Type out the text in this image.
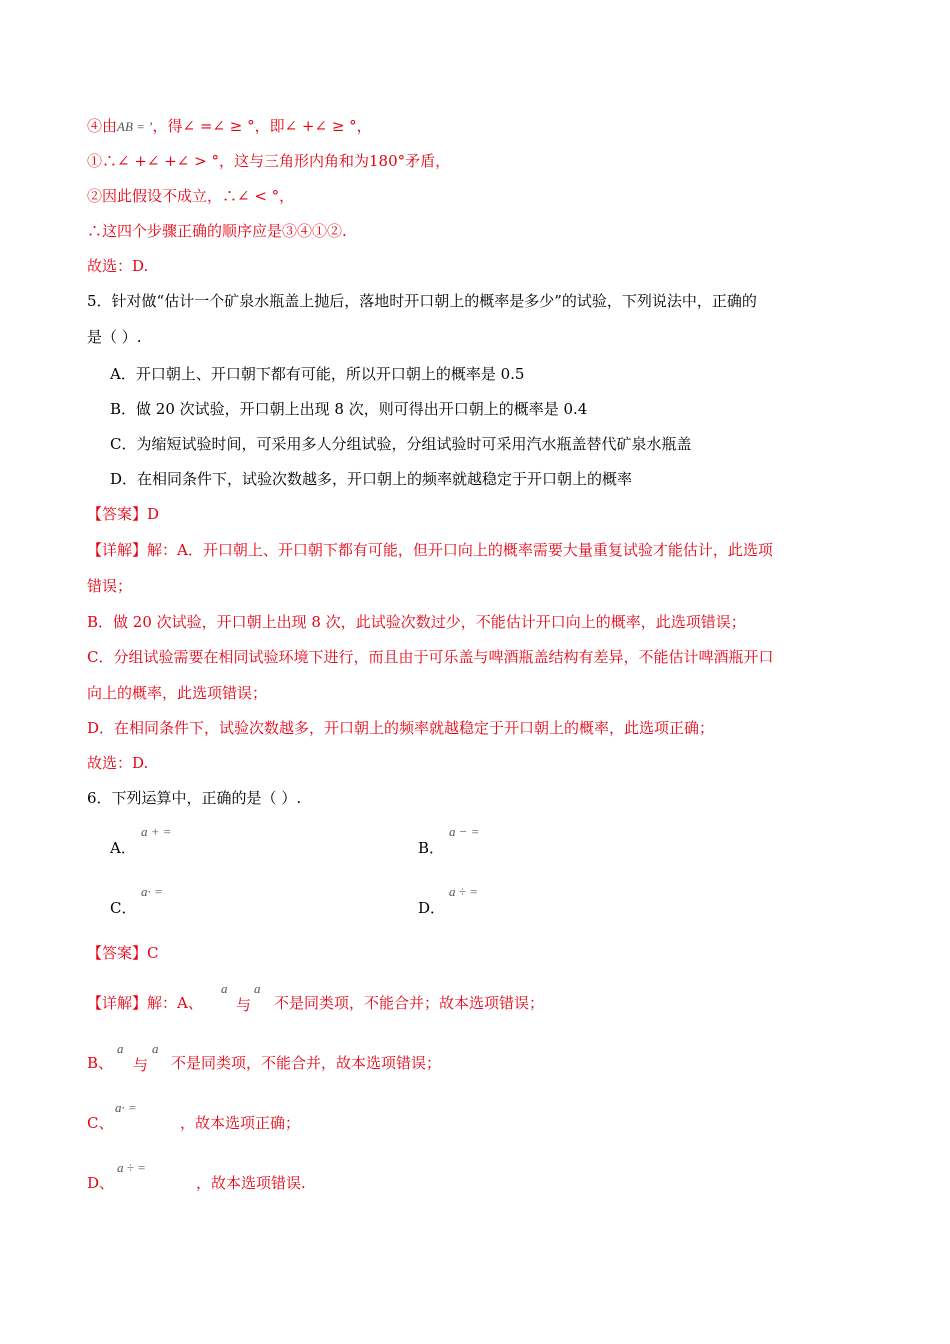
④由AB = ’，得∠ =∠ ≥ °，即∠ +∠ ≥ °，
①∴∠ +∠ +∠ > °，这与三角形内角和为180°矛盾，
②因此假设不成立，∴∠ < °，
∴这四个步骤正确的顺序应是③④①②.
故选：D.
5．针对做“估计一个矿泉水瓶盖上抛后，落地时开口朝上的概率是多少”的试验，下列说法中，正确的
是（ ）.
A．开口朝上、开口朝下都有可能，所以开口朝上的概率是 0.5
B．做 20 次试验，开口朝上出现 8 次，则可得出开口朝上的概率是 0.4
C．为缩短试验时间，可采用多人分组试验，分组试验时可采用汽水瓶盖替代矿泉水瓶盖
D．在相同条件下，试验次数越多，开口朝上的频率就越稳定于开口朝上的概率
【答案】D
【详解】解：A．开口朝上、开口朝下都有可能，但开口向上的概率需要大量重复试验才能估计，此选项
错误；
B．做 20 次试验，开口朝上出现 8 次，此试验次数过少，不能估计开口向上的概率，此选项错误；
C．分组试验需要在相同试验环境下进行，而且由于可乐盖与啤酒瓶盖结构有差异，不能估计啤酒瓶开口
向上的概率，此选项错误；
D．在相同条件下，试验次数越多，开口朝上的频率就越稳定于开口朝上的概率，此选项正确；
故选：D.
6．下列运算中，正确的是（ ）.
A．
a + =
B．
a − =
C．
a· =
D．
a ÷ =
【答案】C
【详解】解：A、
a
与
a
不是同类项，不能合并；故本选项错误；
B、
a
与
a
不是同类项，不能合并，故本选项错误；
C、
a· =
，故本选项正确；
D、
a ÷ =
，故本选项错误.
